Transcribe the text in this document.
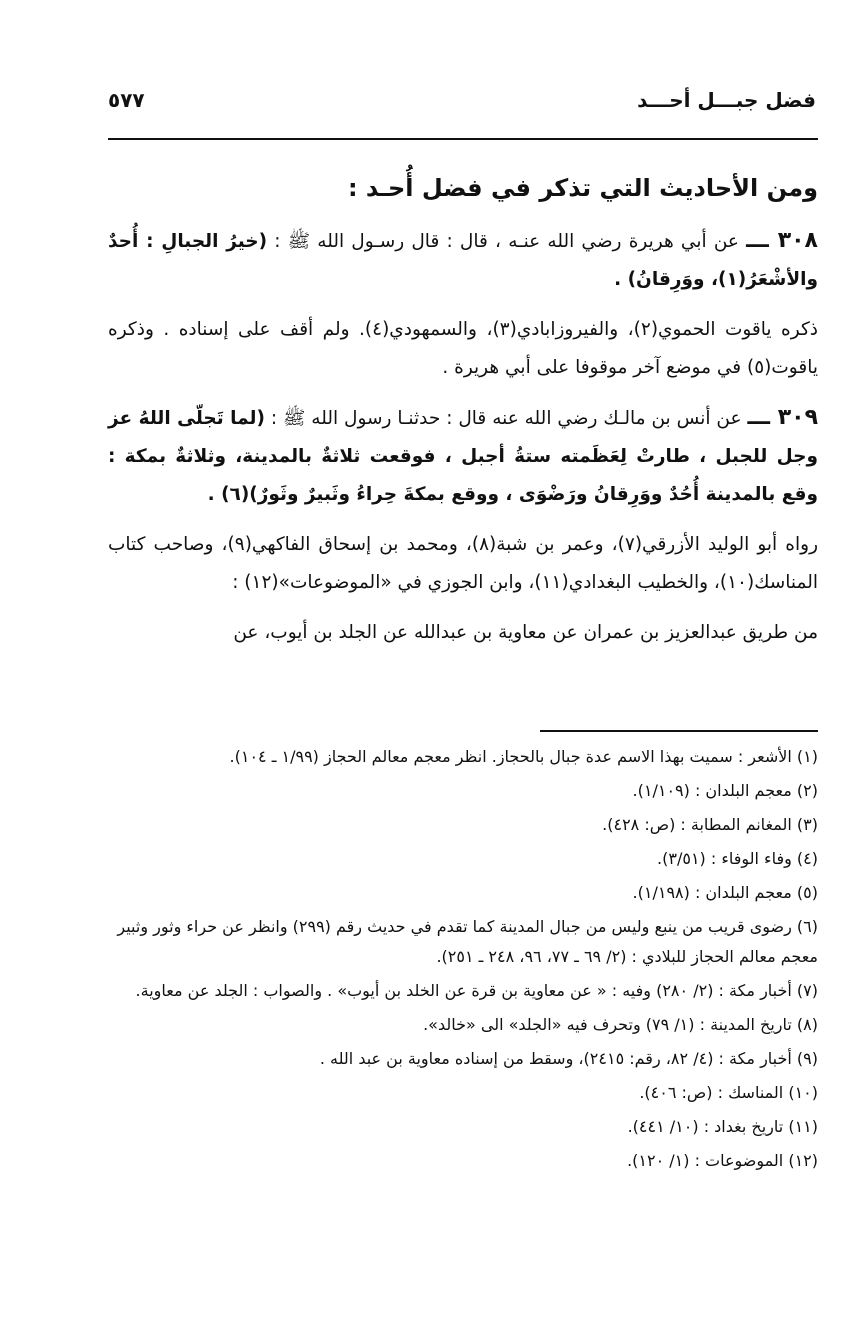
فضل جبـــل أحـــد
٥٧٧
ومن الأحاديث التي تذكر في فضل أُحـد :

٣٠٨ ـــ عن أبي هريرة رضي الله عنـه ، قال : قال رسـول الله ﷺ : (خيرُ الجبالِ : أُحدٌ والأشْعَرُ(١)، ووَرِقانُ) .

ذكره ياقوت الحموي(٢)، والفيروزابادي(٣)، والسمهودي(٤). ولم أقف على إسناده . وذكره ياقوت(٥) في موضع آخر موقوفا على أبي هريرة .

٣٠٩ ـــ عن أنس بن مالـك رضي الله عنه قال : حدثنـا رسول الله ﷺ : (لما تَجلّى اللهُ عز وجل للجبل ، طارتْ لِعَظَمته ستةُ أجبل ، فوقعت ثلاثةٌ بالمدينة، وثلاثةٌ بمكة : وقع بالمدينة أُحُدٌ ووَرِقانُ ورَضْوَى ، ووقع بمكةَ حِراءُ وثَبيرٌ وثَورٌ)(٦) .

رواه أبو الوليد الأزرقي(٧)، وعمر بن شبة(٨)، ومحمد بن إسحاق الفاكهي(٩)، وصاحب كتاب المناسك(١٠)، والخطيب البغدادي(١١)، وابن الجوزي في «الموضوعات»(١٢) :

من طريق عبدالعزيز بن عمران عن معاوية بن عبدالله عن الجلد بن أيوب، عن

(١) الأشعر : سميت بهذا الاسم عدة جبال بالحجاز. انظر معجم معالم الحجاز (١/٩٩ ـ ١٠٤).
(٢) معجم البلدان : (١/١٠٩).
(٣) المغانم المطابة : (ص: ٤٢٨).
(٤) وفاء الوفاء : (٣/٥١).
(٥) معجم البلدان : (١/١٩٨).
(٦) رضوى قريب من ينبع وليس من جبال المدينة كما تقدم في حديث رقم (٢٩٩) وانظر عن حراء وثور وثبير معجم معالم الحجاز للبلادي : (٢/ ٦٩ ـ ٧٧، ٩٦، ٢٤٨ ـ ٢٥١).
(٧) أخبار مكة : (٢/ ٢٨٠) وفيه : « عن معاوية بن قرة عن الخلد بن أيوب» . والصواب : الجلد عن معاوية.
(٨) تاريخ المدينة : (١/ ٧٩) وتحرف فيه «الجلد» الى «خالد».
(٩) أخبار مكة : (٤/ ٨٢، رقم: ٢٤١٥)، وسقط من إسناده معاوية بن عبد الله .
(١٠) المناسك : (ص: ٤٠٦).
(١١) تاريخ بغداد : (١٠/ ٤٤١).
(١٢) الموضوعات : (١/ ١٢٠).
